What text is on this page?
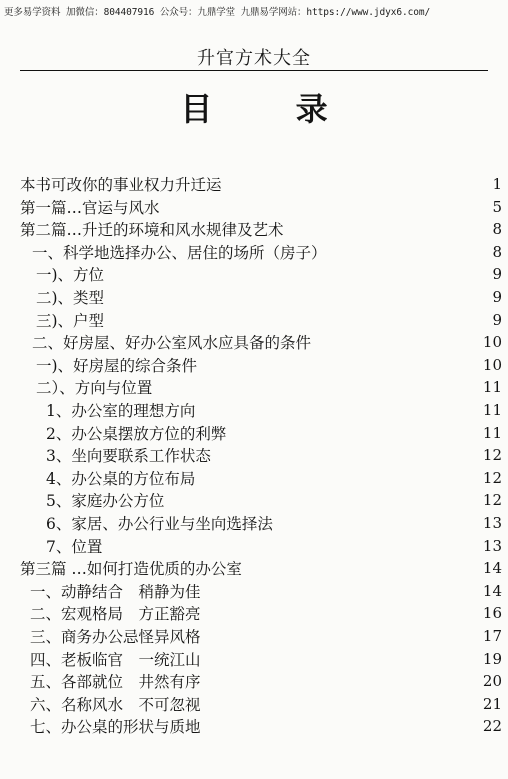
更多易学资料 加微信：804407916 公众号：九鼎学堂 九鼎易学网站：https://www.jdyx6.com/
升官方术大全
目 录
本书可改你的事业权力升迁运	1
第一篇…官运与风水	5
第二篇…升迁的环境和风水规律及艺术	8
一、科学地选择办公、居住的场所（房子）	8
一)、方位	9
二)、类型	9
三)、户型	9
二、好房屋、好办公室风水应具备的条件	10
一)、好房屋的综合条件	10
二）、方向与位置	11
1、办公室的理想方向	11
2、办公桌摆放方位的利弊	11
3、坐向要联系工作状态	12
4、办公桌的方位布局	12
5、家庭办公方位	12
6、家居、办公行业与坐向选择法	13
7、位置	13
第三篇 …如何打造优质的办公室	14
一、动静结合　稍静为佳	14
二、宏观格局　方正豁亮	16
三、商务办公忌怪异风格	17
四、老板临官　一统江山	19
五、各部就位　井然有序	20
六、名称风水　不可忽视	21
七、办公桌的形状与质地	22
